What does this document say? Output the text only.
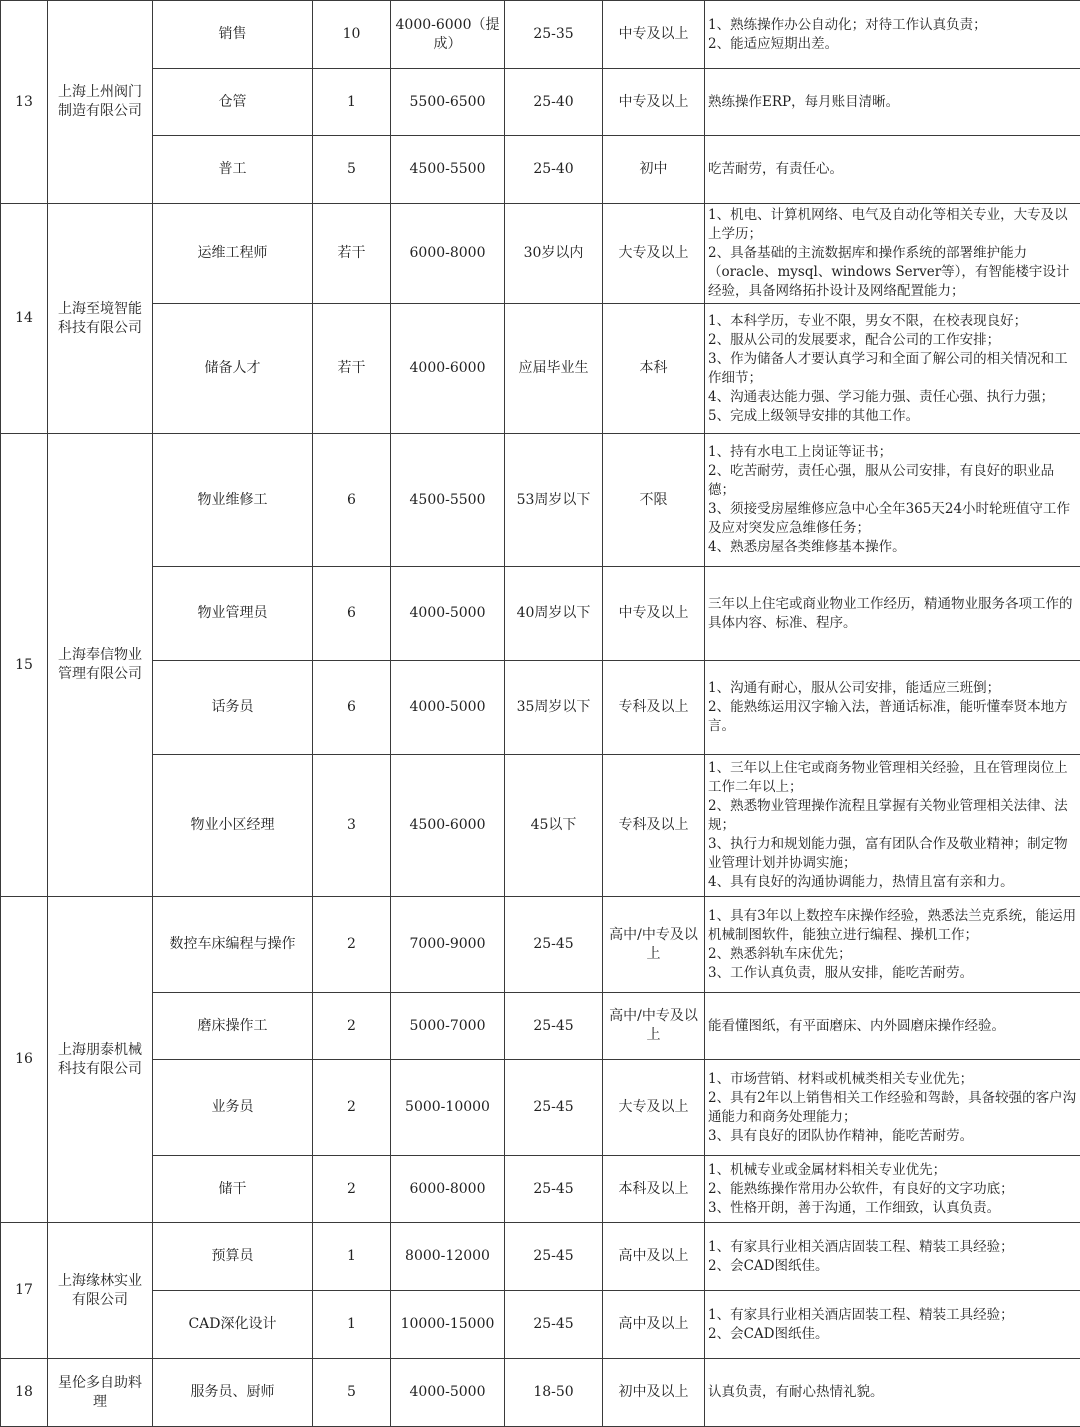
13	上海上州阀门制造有限公司	销售	10	4000-6000（提成）	25-35	中专及以上	1、熟练操作办公自动化；对待工作认真负责；
2、能适应短期出差。

		仓管	1	5500-6500	25-40	中专及以上	熟练操作ERP，每月账目清晰。

		普工	5	4500-5500	25-40	初中	吃苦耐劳，有责任心。

14	上海至境智能科技有限公司	运维工程师	若干	6000-8000	30岁以内	大专及以上	1、机电、计算机网络、电气及自动化等相关专业，大专及以上学历；
2、具备基础的主流数据库和操作系统的部署维护能力（oracle、mysql、windows Server等），有智能楼宇设计经验，具备网络拓扑设计及网络配置能力；

		储备人才	若干	4000-6000	应届毕业生	本科	1、本科学历，专业不限，男女不限，在校表现良好；
2、服从公司的发展要求，配合公司的工作安排；
3、作为储备人才要认真学习和全面了解公司的相关情况和工作细节；
4、沟通表达能力强、学习能力强、责任心强、执行力强；
5、完成上级领导安排的其他工作。

15	上海奉信物业管理有限公司	物业维修工	6	4500-5500	53周岁以下	不限	1、持有水电工上岗证等证书；
2、吃苦耐劳，责任心强，服从公司安排，有良好的职业品德；
3、须接受房屋维修应急中心全年365天24小时轮班值守工作及应对突发应急维修任务；
4、熟悉房屋各类维修基本操作。

		物业管理员	6	4000-5000	40周岁以下	中专及以上	三年以上住宅或商业物业工作经历，精通物业服务各项工作的具体内容、标准、程序。

		话务员	6	4000-5000	35周岁以下	专科及以上	1、沟通有耐心，服从公司安排，能适应三班倒；
2、能熟练运用汉字输入法，普通话标准，能听懂奉贤本地方言。

		物业小区经理	3	4500-6000	45以下	专科及以上	1、三年以上住宅或商务物业管理相关经验，且在管理岗位上工作二年以上；
2、熟悉物业管理操作流程且掌握有关物业管理相关法律、法规；
3、执行力和规划能力强，富有团队合作及敬业精神；制定物业管理计划并协调实施；
4、具有良好的沟通协调能力，热情且富有亲和力。

16	上海朋泰机械科技有限公司	数控车床编程与操作	2	7000-9000	25-45	高中/中专及以上	1、具有3年以上数控车床操作经验，熟悉法兰克系统，能运用机械制图软件，能独立进行编程、操机工作；
2、熟悉斜轨车床优先；
3、工作认真负责，服从安排，能吃苦耐劳。

		磨床操作工	2	5000-7000	25-45	高中/中专及以上	能看懂图纸，有平面磨床、内外圆磨床操作经验。

		业务员	2	5000-10000	25-45	大专及以上	1、市场营销、材料或机械类相关专业优先；
2、具有2年以上销售相关工作经验和驾龄，具备较强的客户沟通能力和商务处理能力；
3、具有良好的团队协作精神，能吃苦耐劳。

		储干	2	6000-8000	25-45	本科及以上	1、机械专业或金属材料相关专业优先；
2、能熟练操作常用办公软件，有良好的文字功底；
3、性格开朗，善于沟通，工作细致，认真负责。

17	上海缘林实业有限公司	预算员	1	8000-12000	25-45	高中及以上	1、有家具行业相关酒店固装工程、精装工具经验；
2、会CAD图纸佳。

		CAD深化设计	1	10000-15000	25-45	高中及以上	1、有家具行业相关酒店固装工程、精装工具经验；
2、会CAD图纸佳。

18	星伦多自助料理	服务员、厨师	5	4000-5000	18-50	初中及以上	认真负责，有耐心热情礼貌。
